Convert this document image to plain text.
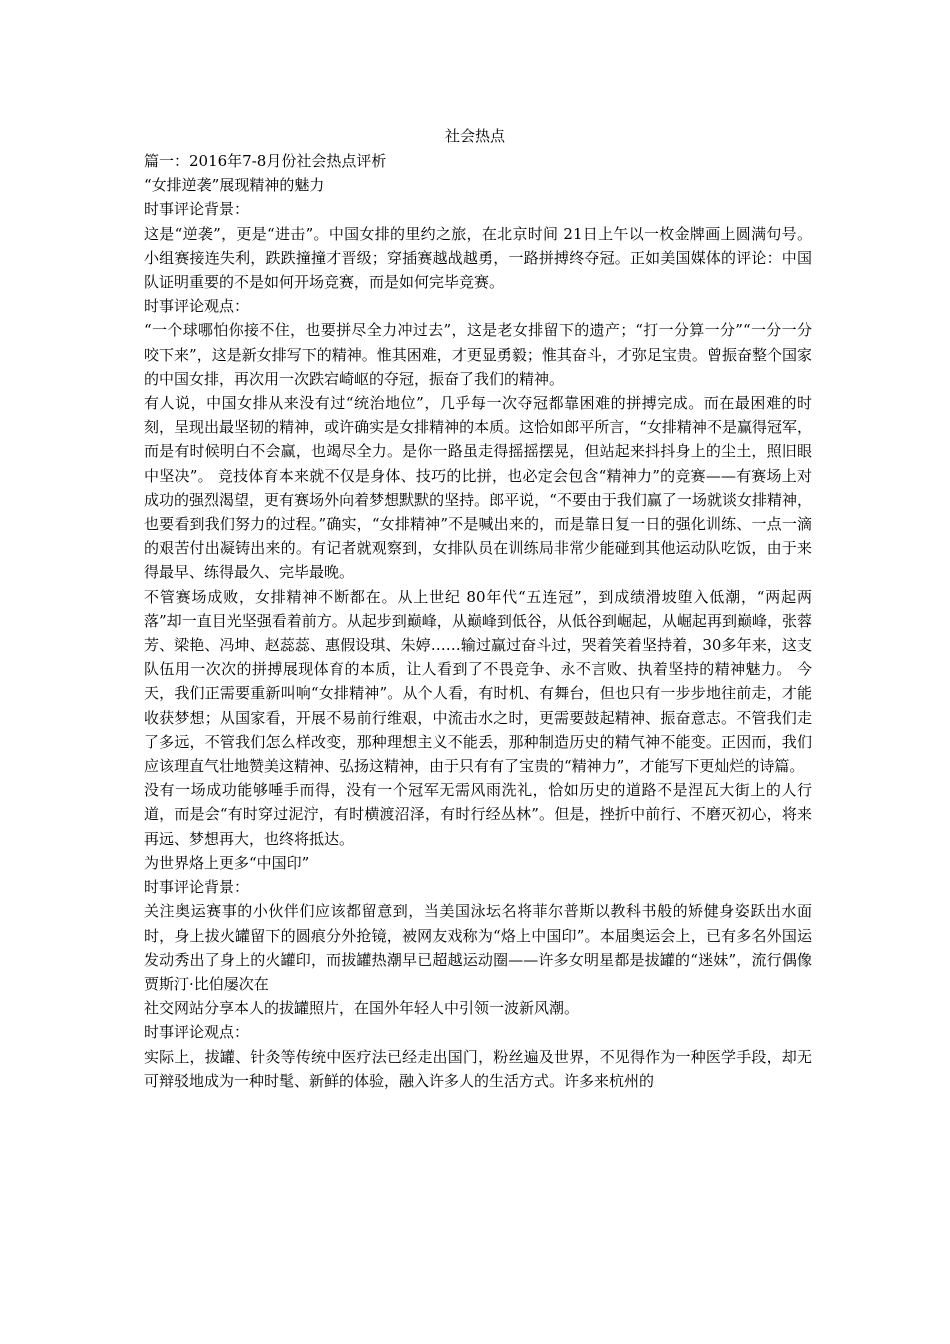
社会热点

篇一：2016年7-8月份社会热点评析

“女排逆袭”展现精神的魅力

时事评论背景：

这是“逆袭”，更是“进击”。中国女排的里约之旅，在北京时间 21日上午以一枚金牌画上圆满句号。小组赛接连失利，跌跌撞撞才晋级；穿插赛越战越勇，一路拼搏终夺冠。正如美国媒体的评论：中国队证明重要的不是如何开场竞赛，而是如何完毕竞赛。

时事评论观点：

“一个球哪怕你接不住，也要拼尽全力冲过去”，这是老女排留下的遗产；“打一分算一分”“一分一分咬下来”，这是新女排写下的精神。惟其困难，才更显勇毅；惟其奋斗，才弥足宝贵。曾振奋整个国家的中国女排，再次用一次跌宕崎岖的夺冠，振奋了我们的精神。

有人说，中国女排从来没有过“统治地位”，几乎每一次夺冠都靠困难的拼搏完成。而在最困难的时刻，呈现出最坚韧的精神，或许确实是女排精神的本质。这恰如郎平所言，“女排精神不是赢得冠军，而是有时候明白不会赢，也竭尽全力。是你一路虽走得摇摇摆晃，但站起来抖抖身上的尘土，照旧眼中坚决”。 竞技体育本来就不仅是身体、技巧的比拼，也必定会包含“精神力”的竞赛——有赛场上对成功的强烈渴望，更有赛场外向着梦想默默的坚持。郎平说，“不要由于我们赢了一场就谈女排精神，也要看到我们努力的过程。”确实，“女排精神”不是喊出来的，而是靠日复一日的强化训练、一点一滴的艰苦付出凝铸出来的。有记者就观察到，女排队员在训练局非常少能碰到其他运动队吃饭，由于来得最早、练得最久、完毕最晚。

不管赛场成败，女排精神不断都在。从上世纪 80年代“五连冠”，到成绩滑坡堕入低潮，“两起两落”却一直目光坚强看着前方。从起步到巅峰，从巅峰到低谷，从低谷到崛起，从崛起再到巅峰，张蓉芳、梁艳、冯坤、赵蕊蕊、惠假设琪、朱婷……输过赢过奋斗过，哭着笑着坚持着，30多年来，这支队伍用一次次的拼搏展现体育的本质，让人看到了不畏竞争、永不言败、执着坚持的精神魅力。 今天，我们正需要重新叫响“女排精神”。从个人看，有时机、有舞台，但也只有一步步地往前走，才能收获梦想；从国家看，开展不易前行维艰，中流击水之时，更需要鼓起精神、振奋意志。不管我们走了多远，不管我们怎么样改变，那种理想主义不能丢，那种制造历史的精气神不能变。正因而，我们应该理直气壮地赞美这精神、弘扬这精神，由于只有有了宝贵的“精神力”，才能写下更灿烂的诗篇。

没有一场成功能够唾手而得，没有一个冠军无需风雨洗礼，恰如历史的道路不是涅瓦大街上的人行道，而是会“有时穿过泥泞，有时横渡沼泽，有时行经丛林”。但是，挫折中前行、不磨灭初心，将来再远、梦想再大，也终将抵达。

为世界烙上更多“中国印”

时事评论背景：

关注奥运赛事的小伙伴们应该都留意到，当美国泳坛名将菲尔普斯以教科书般的矫健身姿跃出水面时，身上拔火罐留下的圆痕分外抢镜，被网友戏称为“烙上中国印”。本届奥运会上，已有多名外国运发动秀出了身上的火罐印，而拔罐热潮早已超越运动圈——许多女明星都是拔罐的“迷妹”，流行偶像贾斯汀·比伯屡次在

社交网站分享本人的拔罐照片，在国外年轻人中引领一波新风潮。

时事评论观点：

实际上，拔罐、针灸等传统中医疗法已经走出国门，粉丝遍及世界，不见得作为一种医学手段，却无可辩驳地成为一种时髦、新鲜的体验，融入许多人的生活方式。许多来杭州的
